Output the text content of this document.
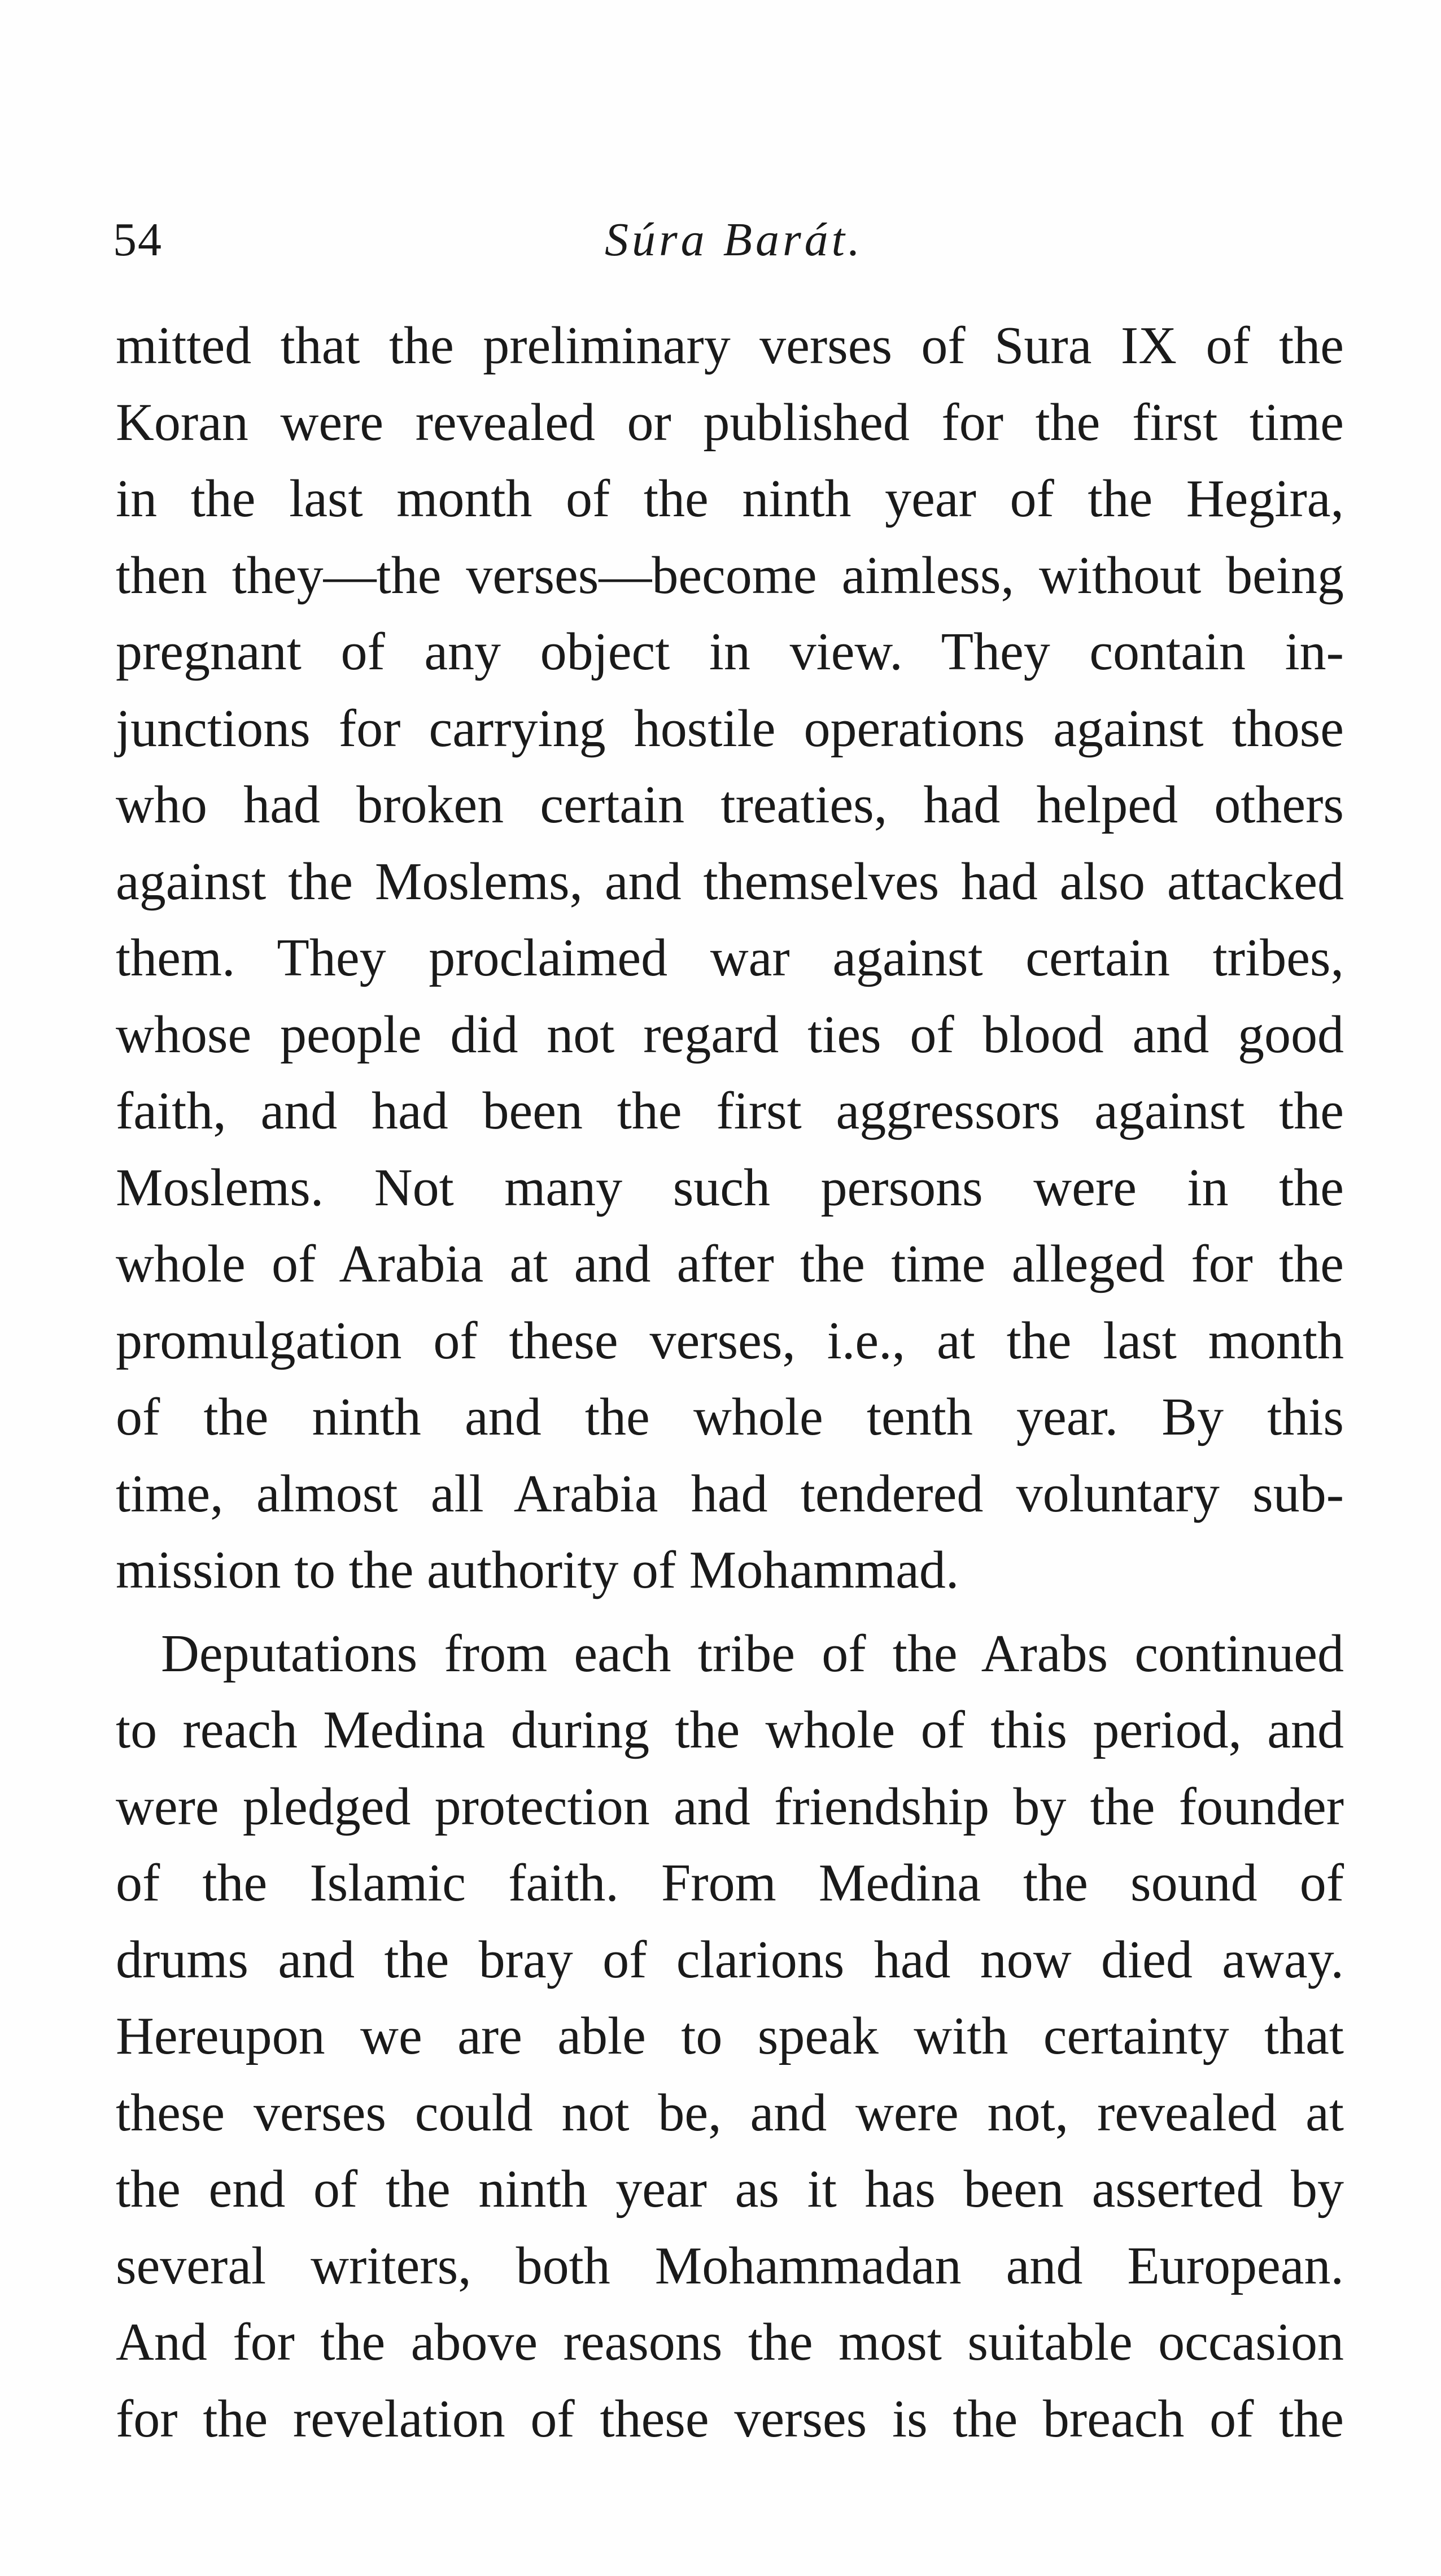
54	Súra Barát.
mitted that the preliminary verses of Sura IX of the
Koran were revealed or published for the first time
in the last month of the ninth year of the Hegira,
then they—the verses—become aimless, without being
pregnant of any object in view. They contain in-
junctions for carrying hostile operations against those
who had broken certain treaties, had helped others
against the Moslems, and themselves had also attacked
them. They proclaimed war against certain tribes,
whose people did not regard ties of blood and good
faith, and had been the first aggressors against the
Moslems. Not many such persons were in the
whole of Arabia at and after the time alleged for the
promulgation of these verses, i.e., at the last month
of the ninth and the whole tenth year. By this
time, almost all Arabia had tendered voluntary sub-
mission to the authority of Mohammad.
Deputations from each tribe of the Arabs continued
to reach Medina during the whole of this period, and
were pledged protection and friendship by the founder
of the Islamic faith. From Medina the sound of
drums and the bray of clarions had now died away.
Hereupon we are able to speak with certainty that
these verses could not be, and were not, revealed at
the end of the ninth year as it has been asserted by
several writers, both Mohammadan and European.
And for the above reasons the most suitable occasion
for the revelation of these verses is the breach of the
